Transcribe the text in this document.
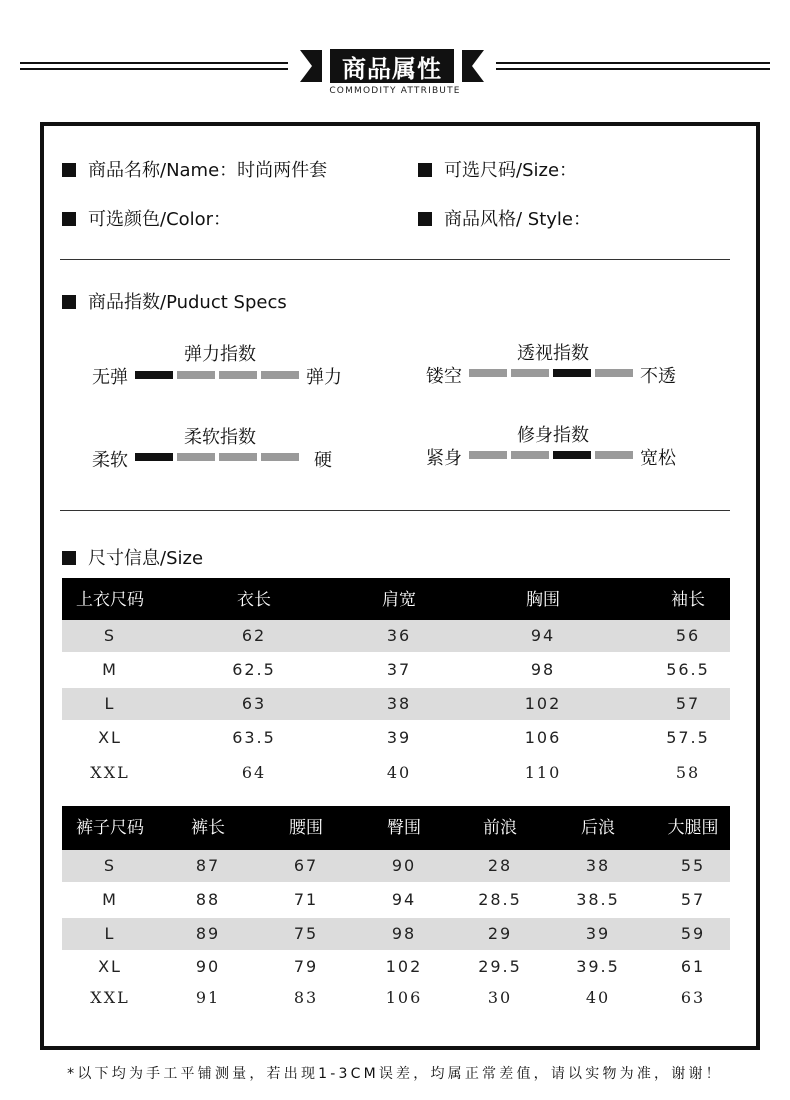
商品属性
COMMODITY ATTRIBUTE
商品名称/Name：时尚两件套	可选尺码/Size：
可选颜色/Color：	商品风格/ Style：
商品指数/Puduct Specs
弹力指数
无弹	弹力
透视指数
镂空	不透
柔软指数
柔软	硬
修身指数
紧身	宽松
尺寸信息/Size
上衣尺码	衣长	肩宽	胸围	袖长
S	62	36	94	56
M	62.5	37	98	56.5
L	63	38	102	57
XL	63.5	39	106	57.5
XXL	64	40	110	58
裤子尺码	裤长	腰围	臀围	前浪	后浪	大腿围
S	87	67	90	28	38	55
M	88	71	94	28.5	38.5	57
L	89	75	98	29	39	59
XL	90	79	102	29.5	39.5	61
XXL	91	83	106	30	40	63
*以下均为手工平铺测量，若出现1-3CM误差，均属正常差值，请以实物为准，谢谢！
